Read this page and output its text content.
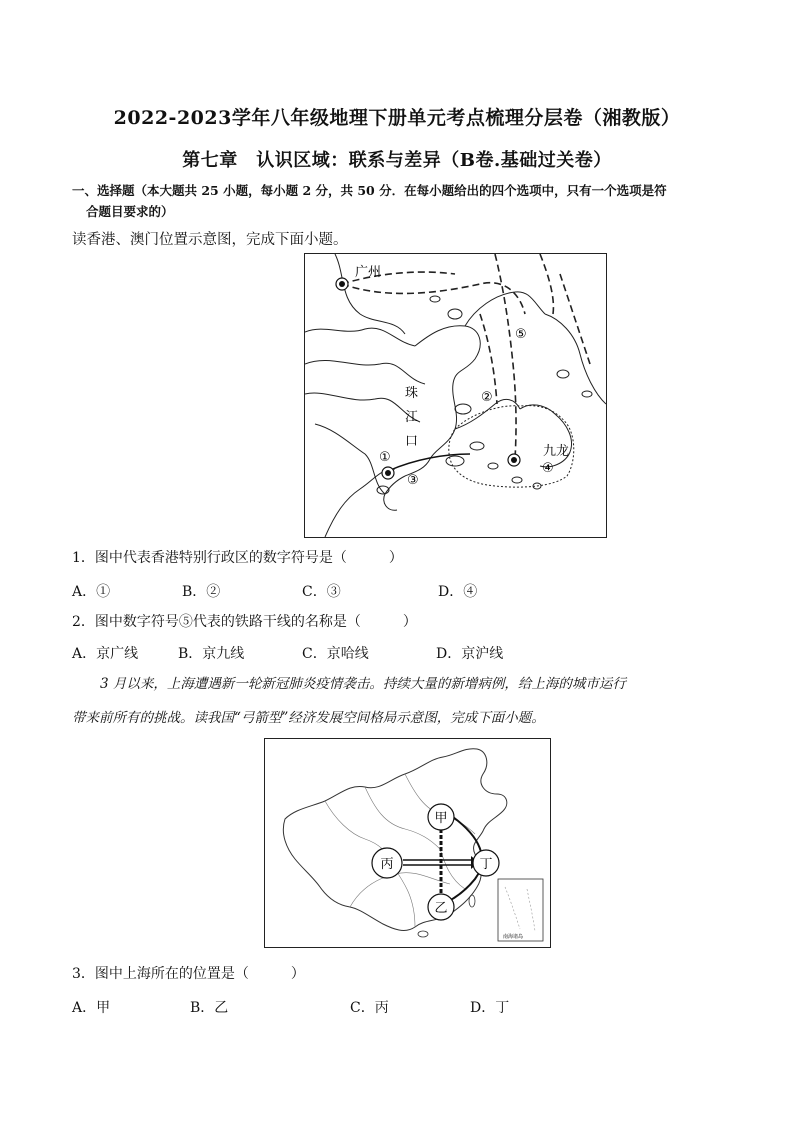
2022-2023学年八年级地理下册单元考点梳理分层卷（湘教版）
第七章　认识区域：联系与差异（B卷.基础过关卷）
一、选择题（本大题共 25 小题，每小题 2 分，共 50 分．在每小题给出的四个选项中，只有一个选项是符
合题目要求的）
读香港、澳门位置示意图，完成下面小题。
广州
珠
江
口
九龙
①
②
③
④
⑤
1．图中代表香港特别行政区的数字符号是（　　　）
A．①	B．②	C．③	D．④
2．图中数字符号⑤代表的铁路干线的名称是（　　　）
A．京广线	B．京九线	C．京哈线	D．京沪线
3 月以来，上海遭遇新一轮新冠肺炎疫情袭击。持续大量的新增病例，给上海的城市运行
带来前所有的挑战。读我国“弓箭型”经济发展空间格局示意图，完成下面小题。
南海诸岛
甲
丙	丁
乙
3．图中上海所在的位置是（　　　）
A．甲	B．乙	C．丙	D．丁
